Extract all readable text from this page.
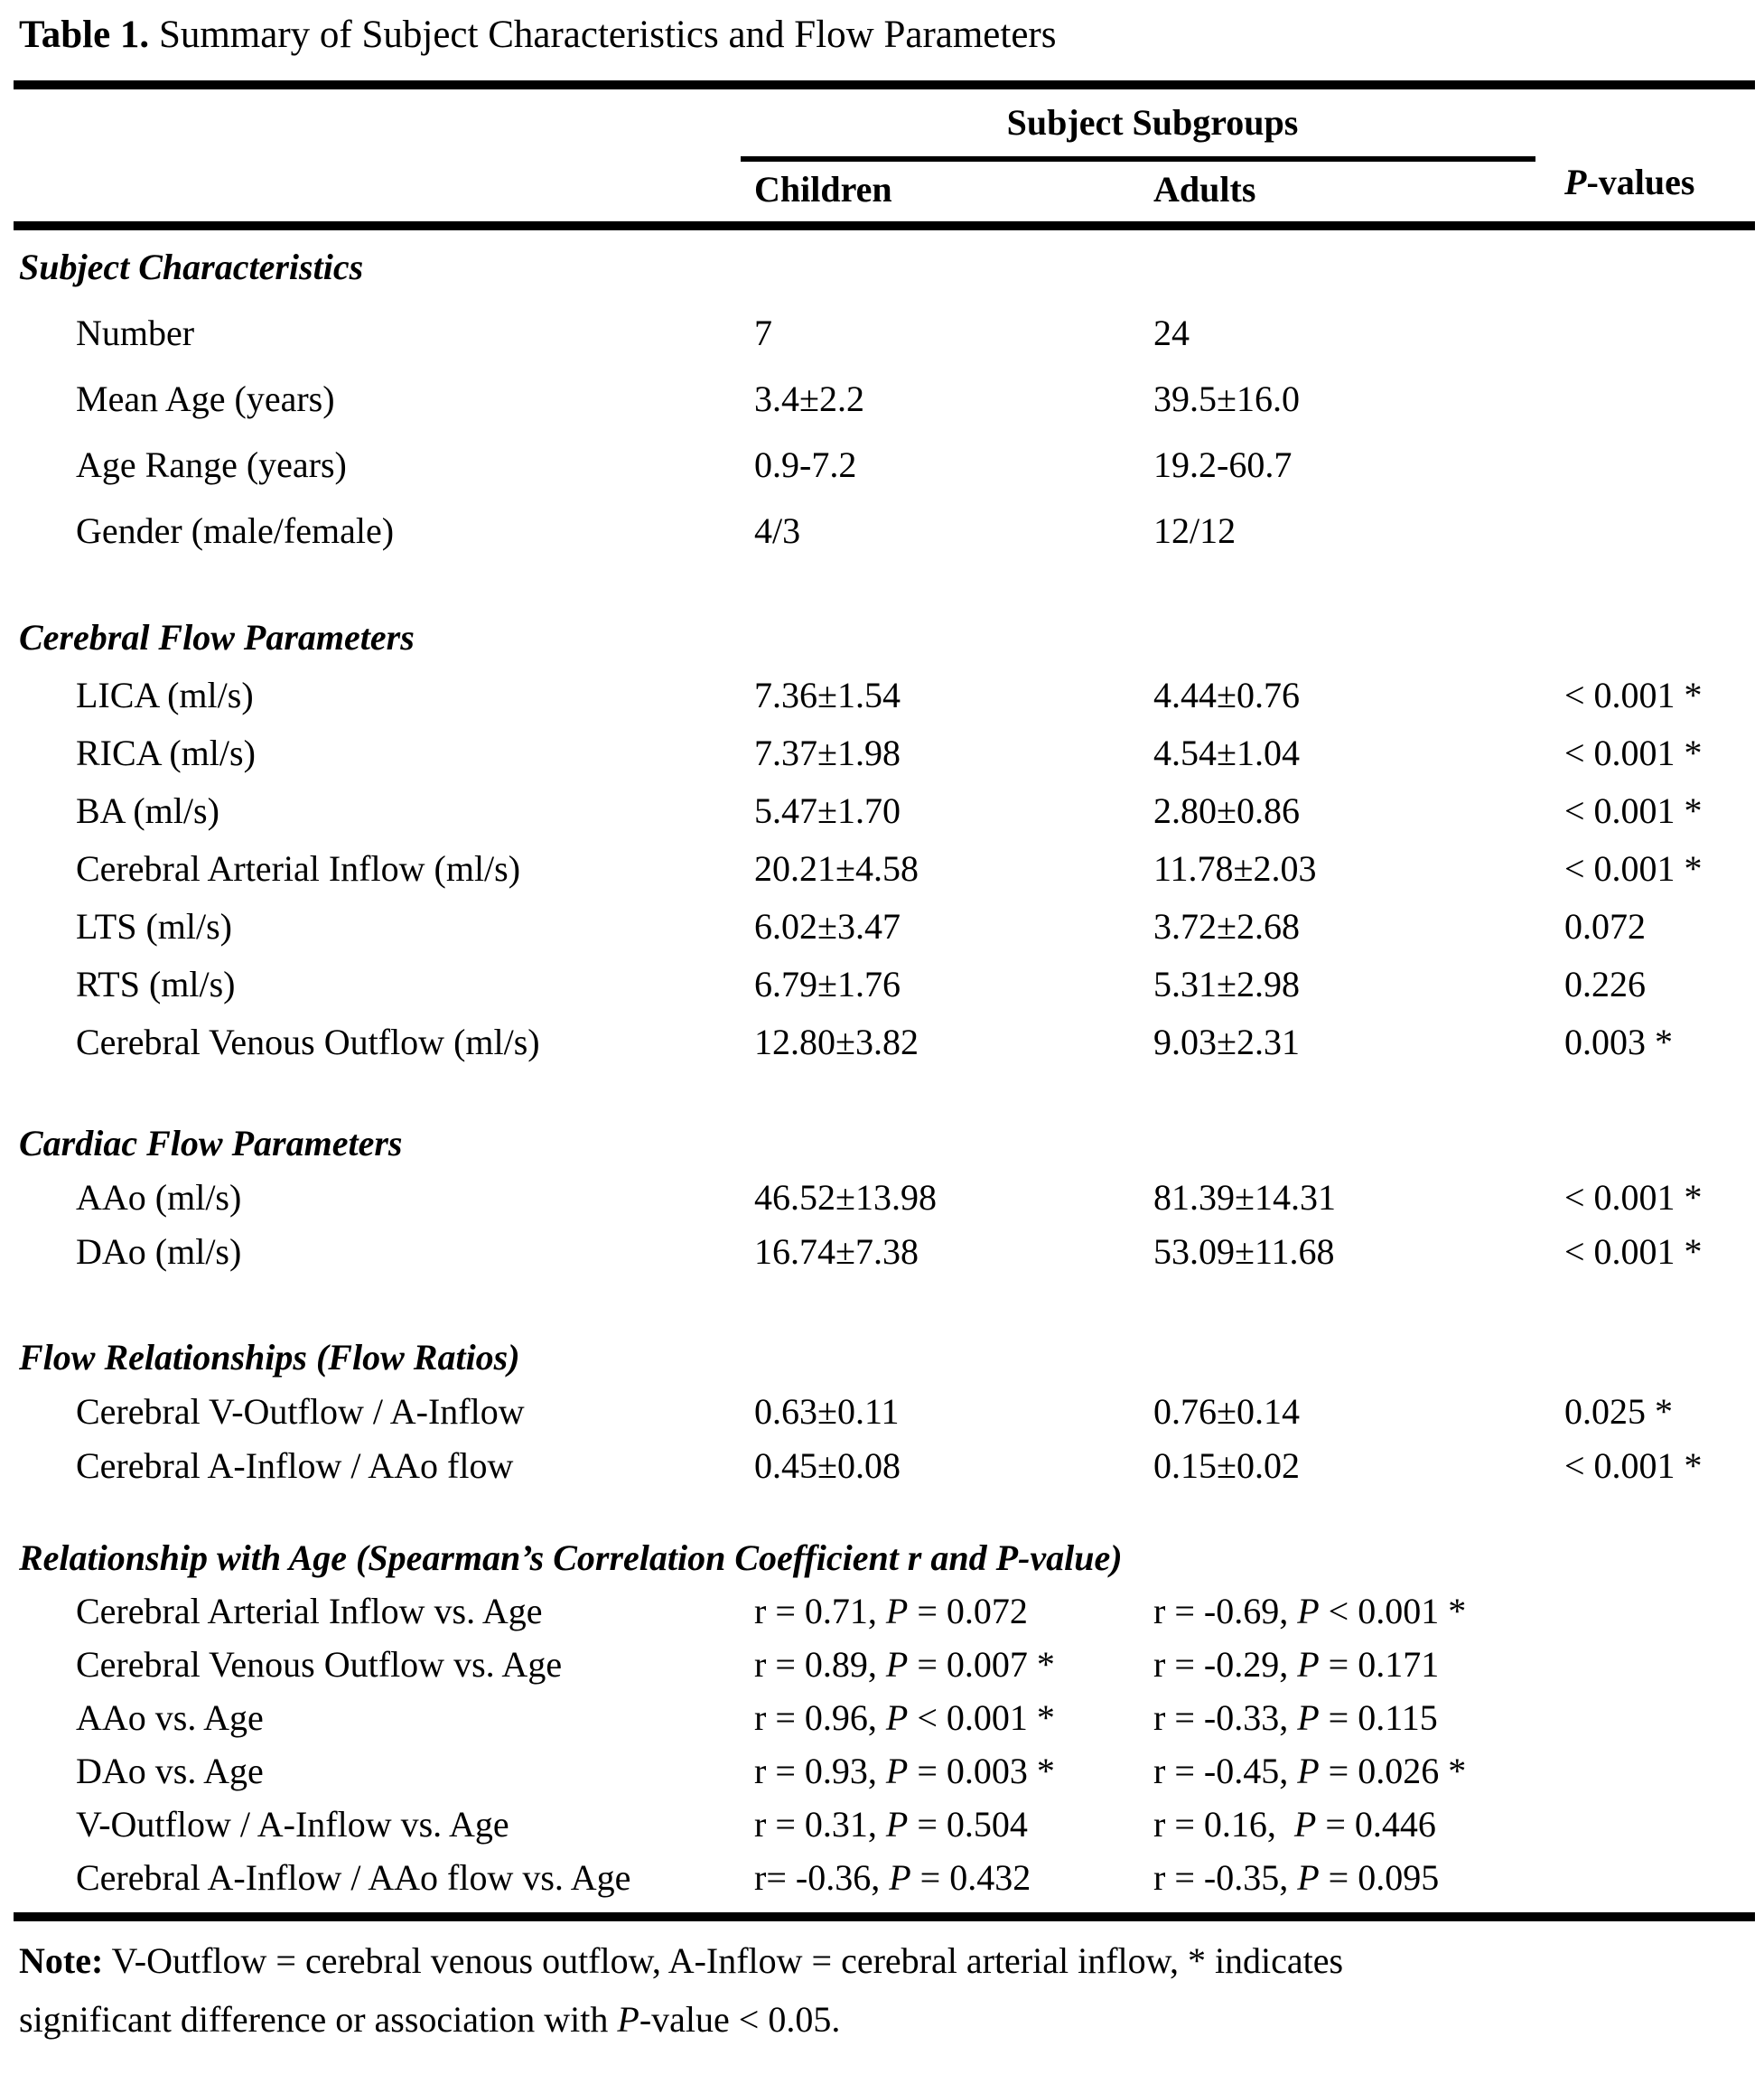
Table 1. Summary of Subject Characteristics and Flow Parameters
Subject Subgroups
Children	Adults	P-values
Subject Characteristics
Number	7	24
Mean Age (years)	3.4±2.2	39.5±16.0
Age Range (years)	0.9-7.2	19.2-60.7
Gender (male/female)	4/3	12/12
Cerebral Flow Parameters
LICA (ml/s)	7.36±1.54	4.44±0.76	< 0.001 *
RICA (ml/s)	7.37±1.98	4.54±1.04	< 0.001 *
BA (ml/s)	5.47±1.70	2.80±0.86	< 0.001 *
Cerebral Arterial Inflow (ml/s)	20.21±4.58	11.78±2.03	< 0.001 *
LTS (ml/s)	6.02±3.47	3.72±2.68	0.072
RTS (ml/s)	6.79±1.76	5.31±2.98	0.226
Cerebral Venous Outflow (ml/s)	12.80±3.82	9.03±2.31	0.003 *
Cardiac Flow Parameters
AAo (ml/s)	46.52±13.98	81.39±14.31	< 0.001 *
DAo (ml/s)	16.74±7.38	53.09±11.68	< 0.001 *
Flow Relationships (Flow Ratios)
Cerebral V-Outflow / A-Inflow	0.63±0.11	0.76±0.14	0.025 *
Cerebral A-Inflow / AAo flow	0.45±0.08	0.15±0.02	< 0.001 *
Relationship with Age (Spearman’s Correlation Coefficient r and P-value)
Cerebral Arterial Inflow vs. Age	r = 0.71, P = 0.072	r = -0.69, P < 0.001 *
Cerebral Venous Outflow vs. Age	r = 0.89, P = 0.007 *	r = -0.29, P = 0.171
AAo vs. Age	r = 0.96, P < 0.001 *	r = -0.33, P = 0.115
DAo vs. Age	r = 0.93, P = 0.003 *	r = -0.45, P = 0.026 *
V-Outflow / A-Inflow vs. Age	r = 0.31, P = 0.504	r = 0.16,  P = 0.446
Cerebral A-Inflow / AAo flow vs. Age	r= -0.36, P = 0.432	r = -0.35, P = 0.095
Note: V-Outflow = cerebral venous outflow, A-Inflow = cerebral arterial inflow, * indicates
significant difference or association with P-value < 0.05.
